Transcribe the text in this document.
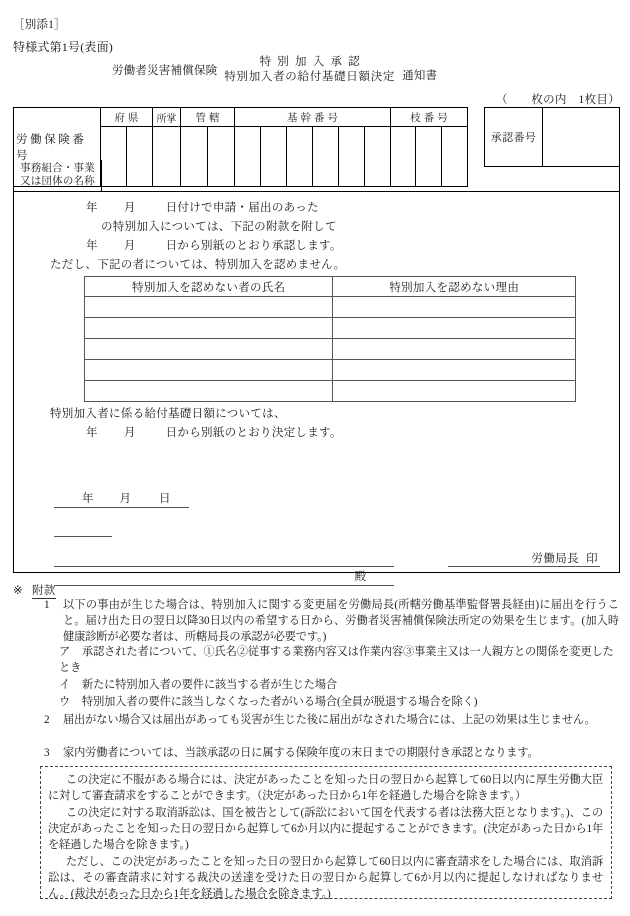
［別添1］
特様式第1号(表面)
労働者災害補償保険
特別加入承認
特別加入者の給付基礎日額決定 通知書
（　　枚の内　1枚目）
労働保険番号
府県	所掌	管轄	基幹番号	枝番号
承認番号
事務組合・事業
又は団体の名称
年 月	日付けで申請・届出のあった
の特別加入については、下記の附款を附して
年 月	日から別紙のとおり承認します。
ただし、下記の者については、特別加入を認めません。
特別加入を認めない者の氏名	特別加入を認めない理由

特別加入者に係る給付基礎日額については、
年 月	日から別紙のとおり決定します。
年 月 日
殿
労働局長 印
※ 附款
1	以下の事由が生じた場合は、特別加入に関する変更届を労働局長(所轄労働基準監督署長経由)に届出を行うこと。届け出た日の翌日以降30日以内の希望する日から、労働者災害補償保険法所定の効果を生じます。(加入時健康診断が必要な者は、所轄局長の承認が必要です。)
ア 承認された者について、①氏名②従事する業務内容又は作業内容③事業主又は一人親方との関係を変更したとき
イ 新たに特別加入者の要件に該当する者が生じた場合
ウ 特別加入者の要件に該当しなくなった者がいる場合(全員が脱退する場合を除く)
2	届出がない場合又は届出があっても災害が生じた後に届出がなされた場合には、上記の効果は生じません。
3	家内労働者については、当該承認の日に属する保険年度の末日までの期限付き承認となります。

この決定に不服がある場合には、決定があったことを知った日の翌日から起算して60日以内に厚生労働大臣に対して審査請求をすることができます。（決定があった日から1年を経過した場合を除きます。）

この決定に対する取消訴訟は、国を被告として(訴訟において国を代表する者は法務大臣となります。)、この決定があったことを知った日の翌日から起算して6か月以内に提起することができます。(決定があった日から1年を経過した場合を除きます。)

ただし、この決定があったことを知った日の翌日から起算して60日以内に審査請求をした場合には、取消訴訟は、その審査請求に対する裁決の送達を受けた日の翌日から起算して6か月以内に提起しなければなりません。(裁決があった日から1年を経過した場合を除きます。)
